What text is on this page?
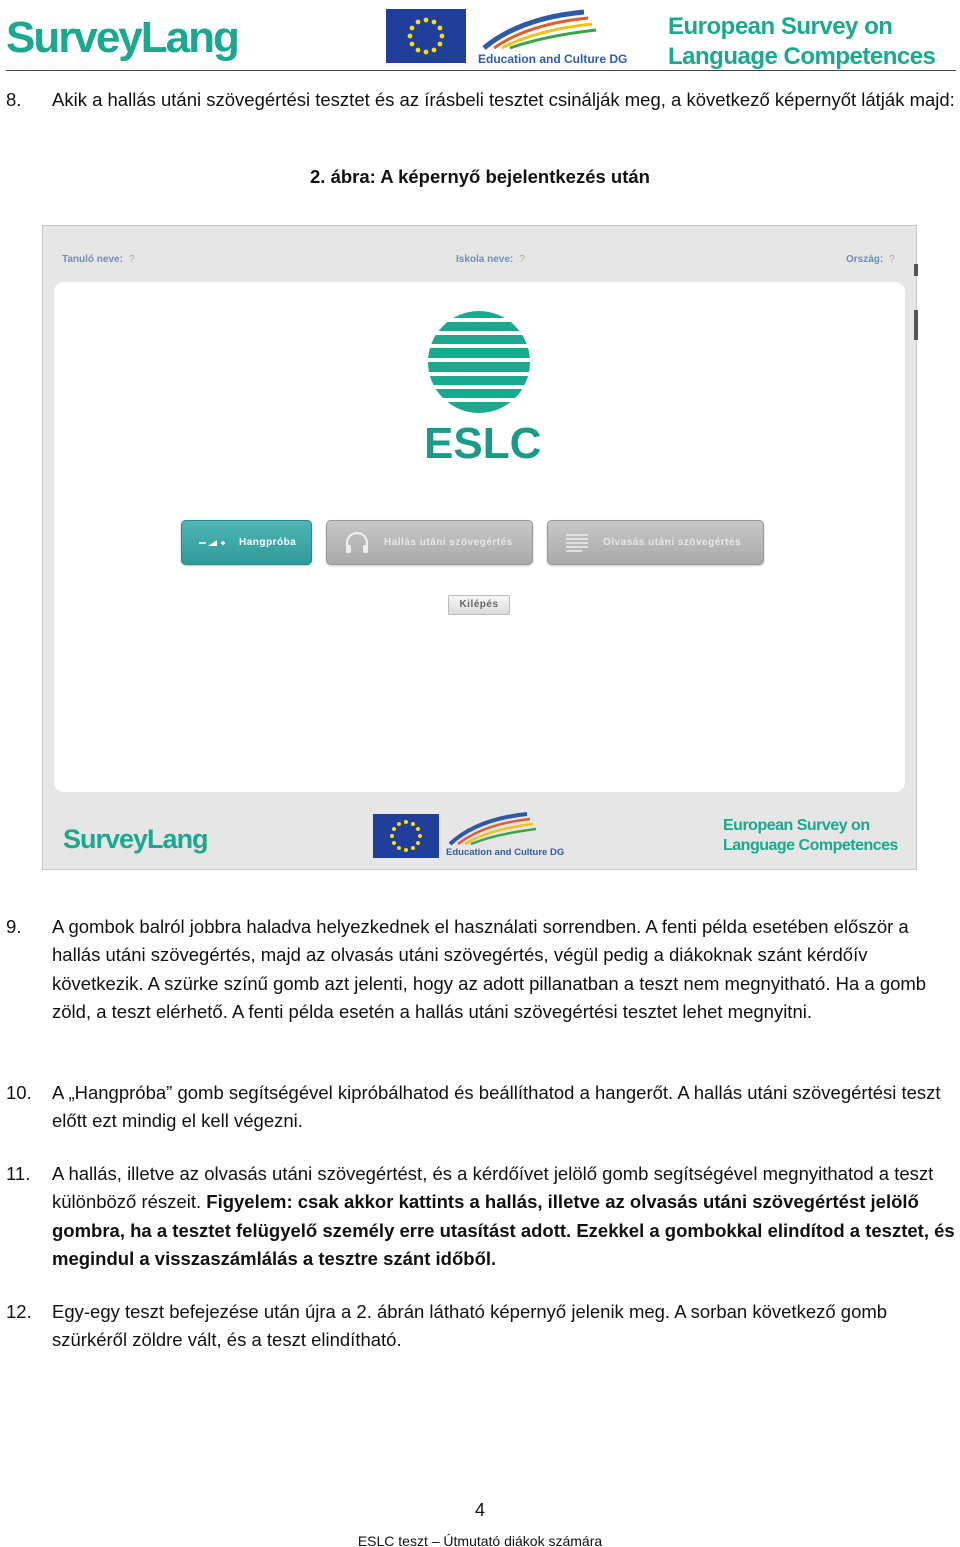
SurveyLang	Education and Culture DG
European Survey on
Language Competences
8. Akik a hallás utáni szövegértési tesztet és az írásbeli tesztet csinálják meg, a következő képernyőt látják majd:
2. ábra: A képernyő bejelentkezés után
Tanuló neve: ?	Iskola neve: ?	Ország: ?
ESLC
Hangpróba	Hallás utáni szövegértés	Olvasás utáni szövegértés
Kilépés
SurveyLang	Education and Culture DG
European Survey on
Language Competences
9. A gombok balról jobbra haladva helyezkednek el használati sorrendben. A fenti példa esetében először a hallás utáni szövegértés, majd az olvasás utáni szövegértés, végül pedig a diákoknak szánt kérdőív következik. A szürke színű gomb azt jelenti, hogy az adott pillanatban a teszt nem megnyitható. Ha a gomb zöld, a teszt elérhető. A fenti példa esetén a hallás utáni szövegértési tesztet lehet megnyitni.
10. A „Hangpróba” gomb segítségével kipróbálhatod és beállíthatod a hangerőt. A hallás utáni szövegértési teszt előtt ezt mindig el kell végezni.
11. A hallás, illetve az olvasás utáni szövegértést, és a kérdőívet jelölő gomb segítségével megnyithatod a teszt különböző részeit. Figyelem: csak akkor kattints a hallás, illetve az olvasás utáni szövegértést jelölő gombra, ha a tesztet felügyelő személy erre utasítást adott. Ezekkel a gombokkal elindítod a tesztet, és megindul a visszaszámlálás a tesztre szánt időből.
12. Egy-egy teszt befejezése után újra a 2. ábrán látható képernyő jelenik meg. A sorban következő gomb szürkéről zöldre vált, és a teszt elindítható.
4
ESLC teszt – Útmutató diákok számára
